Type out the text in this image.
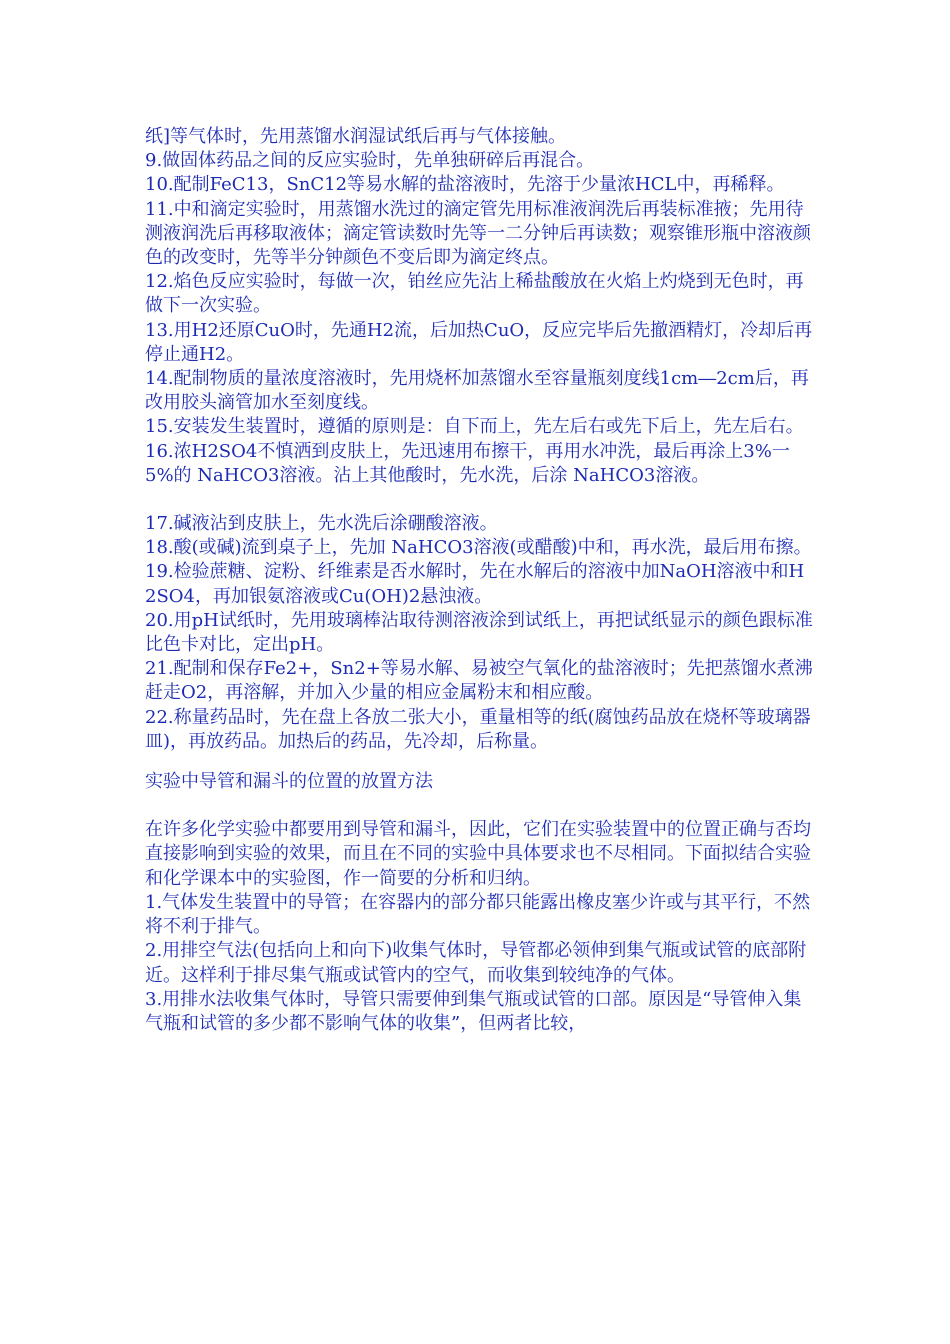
纸]等气体时，先用蒸馏水润湿试纸后再与气体接触。

9.做固体药品之间的反应实验时，先单独研碎后再混合。

10.配制FeC13，SnC12等易水解的盐溶液时，先溶于少量浓HCL中，再稀释。

11.中和滴定实验时，用蒸馏水洗过的滴定管先用标准液润洗后再装标准掖；先用待测液润洗后再移取液体；滴定管读数时先等一二分钟后再读数；观察锥形瓶中溶液颜色的改变时，先等半分钟颜色不变后即为滴定终点。

12.焰色反应实验时，每做一次，铂丝应先沾上稀盐酸放在火焰上灼烧到无色时，再做下一次实验。

13.用H2还原CuO时，先通H2流，后加热CuO，反应完毕后先撤酒精灯，冷却后再停止通H2。

14.配制物质的量浓度溶液时，先用烧杯加蒸馏水至容量瓶刻度线1cm―2cm后，再改用胶头滴管加水至刻度线。

15.安装发生装置时，遵循的原则是：自下而上，先左后右或先下后上，先左后右。

16.浓H2SO4不慎洒到皮肤上，先迅速用布擦干，再用水冲洗，最后再涂上3%一5%的 NaHCO3溶液。沾上其他酸时，先水洗，后涂 NaHCO3溶液。

17.碱液沾到皮肤上，先水洗后涂硼酸溶液。

18.酸(或碱)流到桌子上，先加 NaHCO3溶液(或醋酸)中和，再水洗，最后用布擦。

19.检验蔗糖、淀粉、纤维素是否水解时，先在水解后的溶液中加NaOH溶液中和H2SO4，再加银氨溶液或Cu(OH)2悬浊液。

20.用pH试纸时，先用玻璃棒沾取待测溶液涂到试纸上，再把试纸显示的颜色跟标准比色卡对比，定出pH。

21.配制和保存Fe2+，Sn2+等易水解、易被空气氧化的盐溶液时；先把蒸馏水煮沸赶走O2，再溶解，并加入少量的相应金属粉末和相应酸。

22.称量药品时，先在盘上各放二张大小，重量相等的纸(腐蚀药品放在烧杯等玻璃器皿)，再放药品。加热后的药品，先冷却，后称量。

实验中导管和漏斗的位置的放置方法

在许多化学实验中都要用到导管和漏斗，因此，它们在实验装置中的位置正确与否均直接影响到实验的效果，而且在不同的实验中具体要求也不尽相同。下面拟结合实验和化学课本中的实验图，作一简要的分析和归纳。

1.气体发生装置中的导管；在容器内的部分都只能露出橡皮塞少许或与其平行，不然将不利于排气。

2.用排空气法(包括向上和向下)收集气体时，导管都必领伸到集气瓶或试管的底部附近。这样利于排尽集气瓶或试管内的空气，而收集到较纯净的气体。

3.用排水法收集气体时，导管只需要伸到集气瓶或试管的口部。原因是“导管伸入集气瓶和试管的多少都不影响气体的收集”，但两者比较，
